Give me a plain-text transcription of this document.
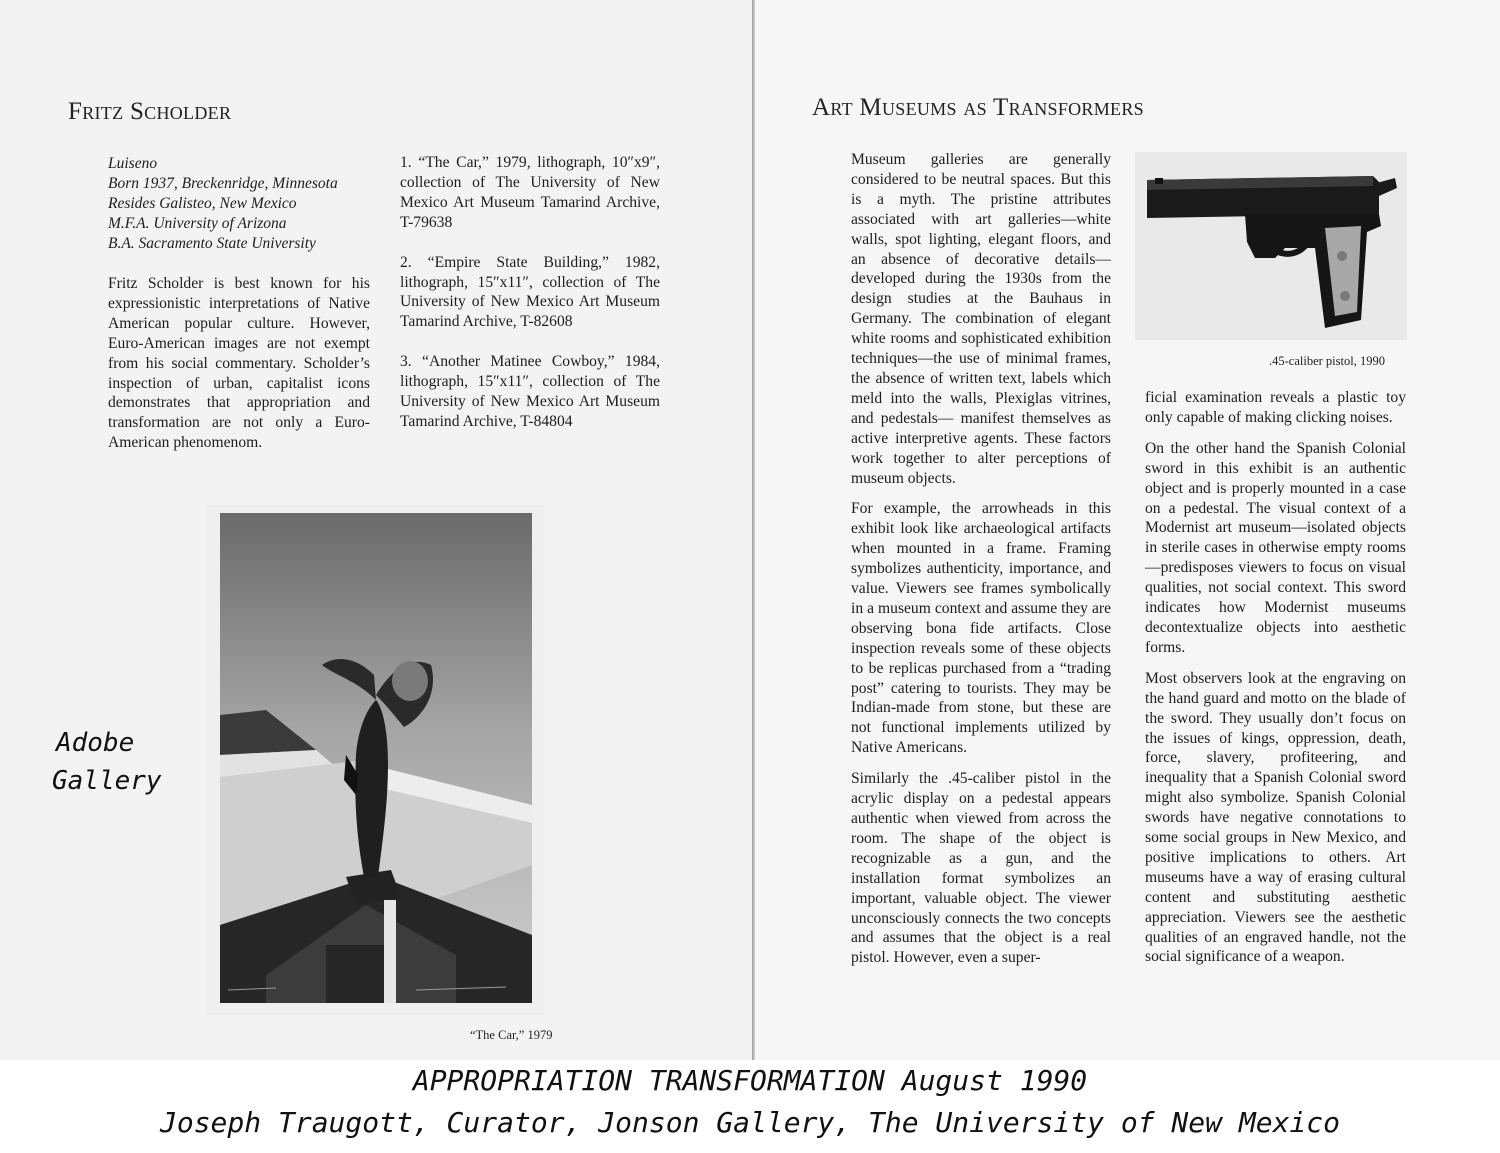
Fritz Scholder
Luiseno
Born 1937, Breckenridge, Minnesota
Resides Galisteo, New Mexico
M.F.A. University of Arizona
B.A. Sacramento State University

Fritz Scholder is best known for his expressionistic interpretations of Native American popular culture. However, Euro-American images are not exempt from his social commentary. Scholder’s inspection of urban, capitalist icons demonstrates that appropriation and transformation are not only a Euro-American phenomenom.

1. “The Car,” 1979, lithograph, 10″x9″, collection of The University of New Mexico Art Museum Tamarind Archive, T-79638

2. “Empire State Building,” 1982, lithograph, 15″x11″, collection of The University of New Mexico Art Museum Tamarind Archive, T-82608

3. “Another Matinee Cowboy,” 1984, lithograph, 15″x11″, collection of The University of New Mexico Art Museum Tamarind Archive, T-84804

“The Car,” 1979
Art Museums as Transformers

Museum galleries are generally considered to be neutral spaces. But this is a myth. The pristine attributes associated with art galleries—white walls, spot lighting, elegant floors, and an absence of decorative details—developed during the 1930s from the design studies at the Bauhaus in Germany. The combination of elegant white rooms and sophisticated exhibition techniques—the use of minimal frames, the absence of written text, labels which meld into the walls, Plexiglas vitrines, and pedestals— manifest themselves as active interpretive agents. These factors work together to alter perceptions of museum objects.

For example, the arrowheads in this exhibit look like archaeological artifacts when mounted in a frame. Framing symbolizes authenticity, importance, and value. Viewers see frames symbolically in a museum context and assume they are observing bona fide artifacts. Close inspection reveals some of these objects to be replicas purchased from a “trading post” catering to tourists. They may be Indian-made from stone, but these are not functional implements utilized by Native Americans.

Similarly the .45-caliber pistol in the acrylic display on a pedestal appears authentic when viewed from across the room. The shape of the object is recognizable as a gun, and the installation format symbolizes an important, valuable object. The viewer unconsciously connects the two concepts and assumes that the object is a real pistol. However, even a super-

.45-caliber pistol, 1990

ficial examination reveals a plastic toy only capable of making clicking noises.

On the other hand the Spanish Colonial sword in this exhibit is an authentic object and is properly mounted in a case on a pedestal. The visual context of a Modernist art museum—isolated objects in sterile cases in otherwise empty rooms—predisposes viewers to focus on visual qualities, not social context. This sword indicates how Modernist museums decontextualize objects into aesthetic forms.

Most observers look at the engraving on the hand guard and motto on the blade of the sword. They usually don’t focus on the issues of kings, oppression, death, force, slavery, profiteering, and inequality that a Spanish Colonial sword might also symbolize. Spanish Colonial swords have negative connotations to some social groups in New Mexico, and positive implications to others. Art museums have a way of erasing cultural content and substituting aesthetic appreciation. Viewers see the aesthetic qualities of an engraved handle, not the social significance of a weapon.

Adobe
Gallery
APPROPRIATION TRANSFORMATION August 1990
Joseph Traugott, Curator, Jonson Gallery, The University of New Mexico
